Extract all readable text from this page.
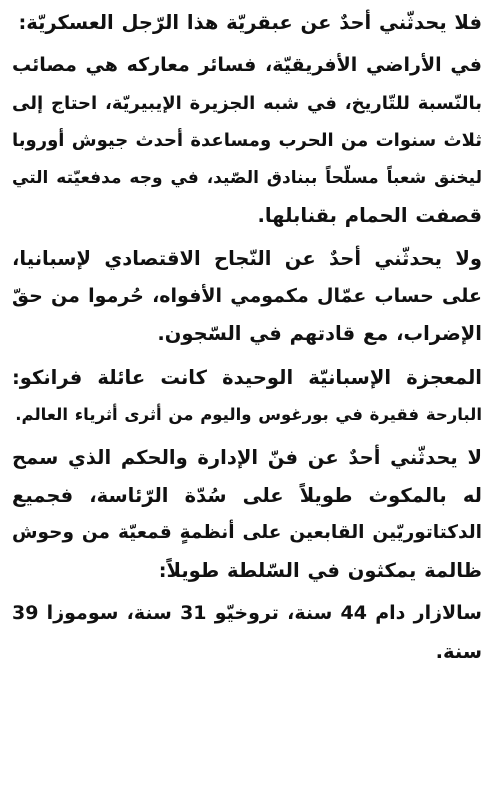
فلا يحدثّني أحدٌ عن عبقريّة هذا الرّجل العسكريّة:

في الأراضي الأفريقيّة، فسائر معاركه هي مصائب
بالنّسبة للتّاريخ، في شبه الجزيرة الإيبيريّة، احتاج إلى
ثلاث سنوات من الحرب ومساعدة أحدث جيوش أوروبا
ليخنق شعباً مسلّحاً ببنادق الصّيد، في وجه مدفعيّته التي
قصفت الحمام بقنابلها.

ولا يحدثّني أحدٌ عن النّجاح الاقتصادي لإسبانيا،
على حساب عمّال مكمومي الأفواه، حُرموا من حقّ
الإضراب، مع قادتهم في السّجون.

المعجزة الإسبانيّة الوحيدة كانت عائلة فرانكو:
البارحة فقيرة في بورغوس واليوم من أثرى أثرياء العالم.

لا يحدثّني أحدٌ عن فنّ الإدارة والحكم الذي سمح
له بالمكوث طويلاً على سُدّة الرّئاسة، فجميع
الدكتاتوريّين القابعين على أنظمةٍ قمعيّة من وحوش
ظالمة يمكثون في السّلطة طويلاً:

سالازار دام 44 سنة، تروخيّو 31 سنة، سوموزا 39
سنة.
